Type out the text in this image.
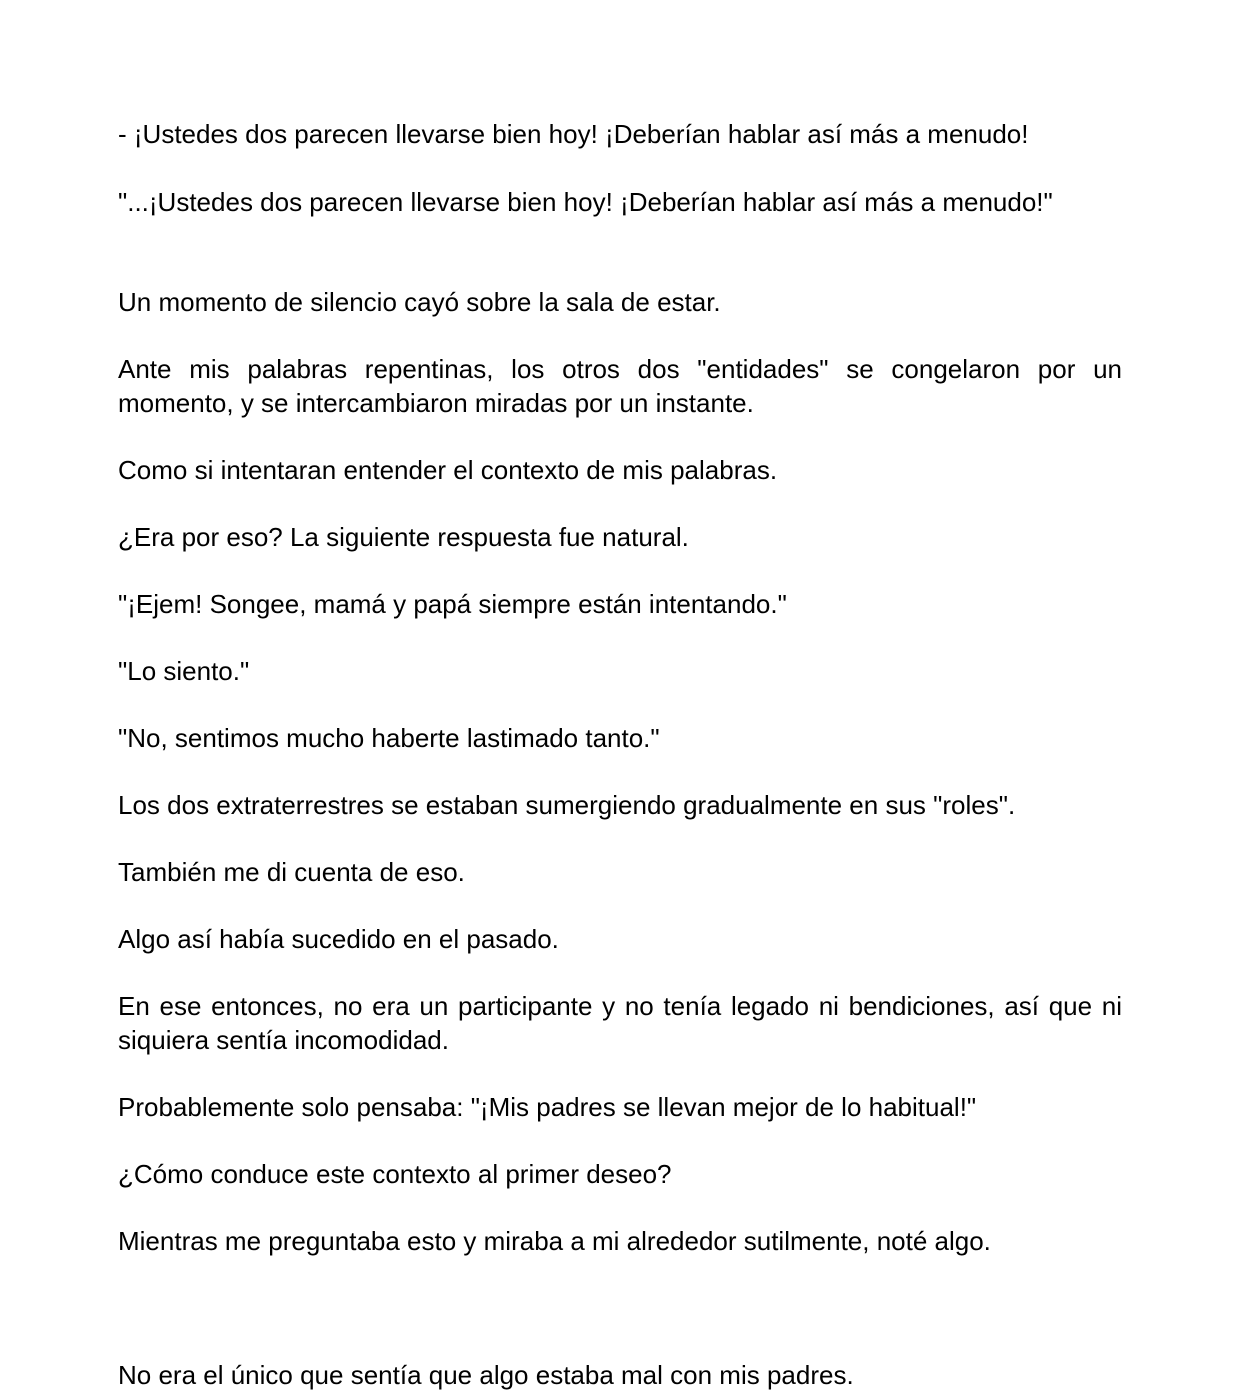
- ¡Ustedes dos parecen llevarse bien hoy! ¡Deberían hablar así más a menudo!

"...¡Ustedes dos parecen llevarse bien hoy! ¡Deberían hablar así más a menudo!"

Un momento de silencio cayó sobre la sala de estar.

Ante mis palabras repentinas, los otros dos "entidades" se congelaron por un momento, y se intercambiaron miradas por un instante.

Como si intentaran entender el contexto de mis palabras.

¿Era por eso? La siguiente respuesta fue natural.

"¡Ejem! Songee, mamá y papá siempre están intentando."

"Lo siento."

"No, sentimos mucho haberte lastimado tanto."

Los dos extraterrestres se estaban sumergiendo gradualmente en sus "roles".

También me di cuenta de eso.

Algo así había sucedido en el pasado.

En ese entonces, no era un participante y no tenía legado ni bendiciones, así que ni siquiera sentía incomodidad.

Probablemente solo pensaba: "¡Mis padres se llevan mejor de lo habitual!"

¿Cómo conduce este contexto al primer deseo?

Mientras me preguntaba esto y miraba a mi alrededor sutilmente, noté algo.

No era el único que sentía que algo estaba mal con mis padres.
